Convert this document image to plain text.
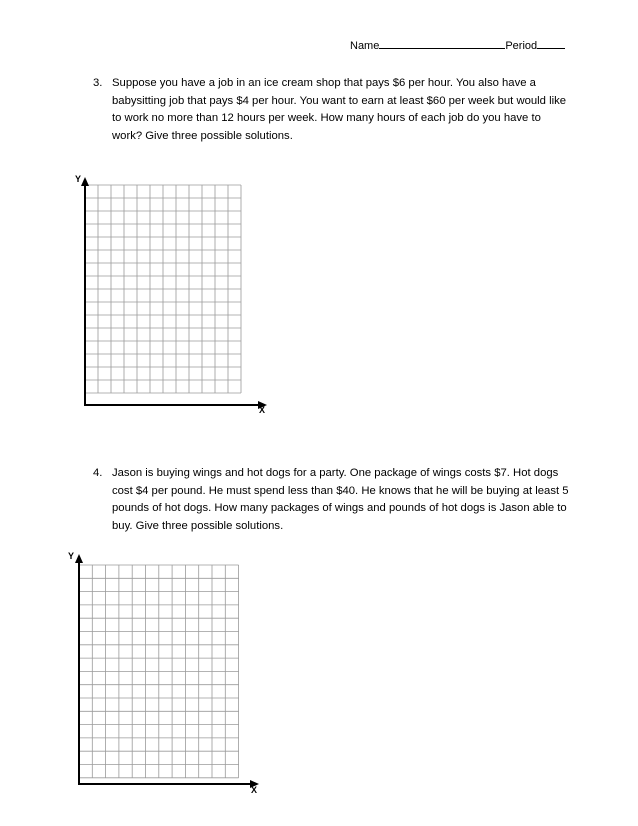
Name	Period
3. Suppose you have a job in an ice cream shop that pays $6 per hour. You also have a babysitting job that pays $4 per hour. You want to earn at least $60 per week but would like to work no more than 12 hours per week. How many hours of each job do you have to work? Give three possible solutions.
Y
X
4. Jason is buying wings and hot dogs for a party. One package of wings costs $7. Hot dogs cost $4 per pound. He must spend less than $40. He knows that he will be buying at least 5 pounds of hot dogs. How many packages of wings and pounds of hot dogs is Jason able to buy. Give three possible solutions.
Y
X
